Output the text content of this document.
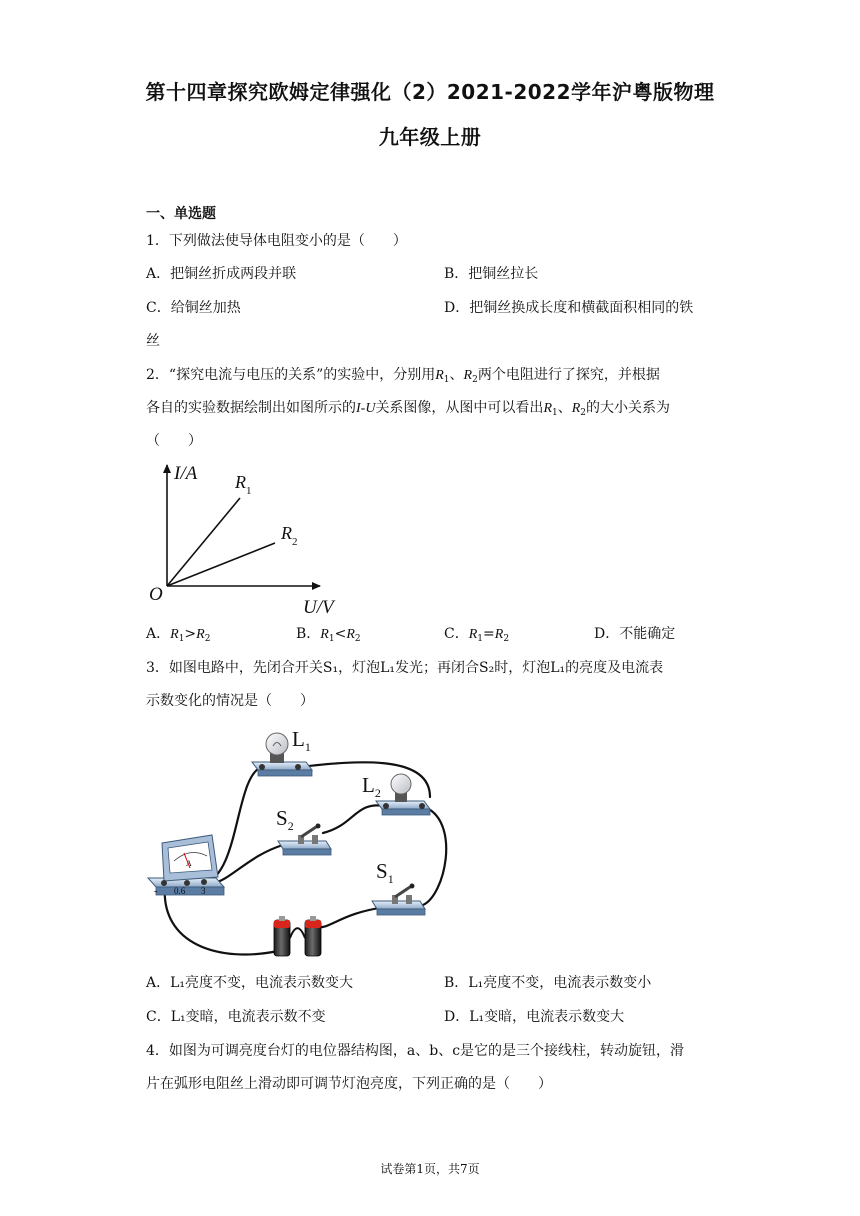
第十四章探究欧姆定律强化（2）2021-2022学年沪粤版物理
九年级上册
一、单选题
1．下列做法使导体电阻变小的是（　　）
A．把铜丝折成两段并联	B．把铜丝拉长
C．给铜丝加热	D．把铜丝换成长度和横截面积相同的铁
丝
2．“探究电流与电压的关系”的实验中，分别用$R_1$、$R_2$两个电阻进行了探究，并根据
各自的实验数据绘制出如图所示的I-U关系图像，从图中可以看出$R_1$、$R_2$的大小关系为
（　　）
I/A
U/V
O
$R_1$
$R_2$
A．$R_1>R_2$	B．$R_1<R_2$	C．$R_1=R_2$	D．不能确定
3．如图电路中，先闭合开关S₁，灯泡L₁发光；再闭合S₂时，灯泡L₁的亮度及电流表
示数变化的情况是（　　）
$L_1$
$L_2$
$S_2$
$S_1$
A
- 0.6 3
A．L₁亮度不变，电流表示数变大	B．L₁亮度不变，电流表示数变小
C．L₁变暗，电流表示数不变	D．L₁变暗，电流表示数变大
4．如图为可调亮度台灯的电位器结构图，a、b、c是它的是三个接线柱，转动旋钮，滑
片在弧形电阻丝上滑动即可调节灯泡亮度，下列正确的是（　　）
试卷第1页，共7页
